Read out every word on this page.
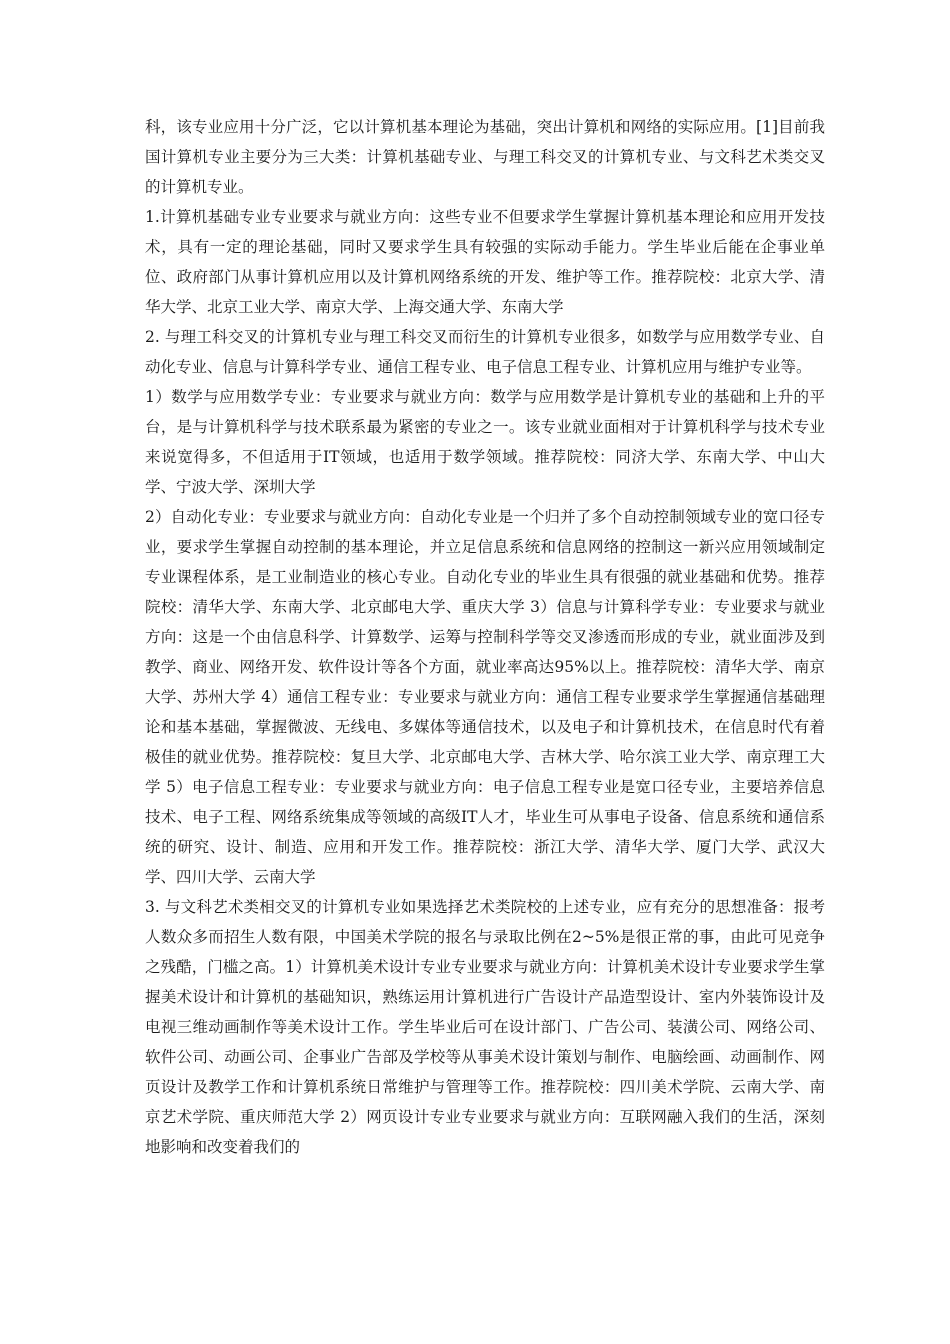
科，该专业应用十分广泛，它以计算机基本理论为基础，突出计算机和网络的实际应用。[1]目前我国计算机专业主要分为三大类：计算机基础专业、与理工科交叉的计算机专业、与文科艺术类交叉的计算机专业。

1.计算机基础专业专业要求与就业方向：这些专业不但要求学生掌握计算机基本理论和应用开发技术，具有一定的理论基础，同时又要求学生具有较强的实际动手能力。学生毕业后能在企事业单位、政府部门从事计算机应用以及计算机网络系统的开发、维护等工作。推荐院校：北京大学、清华大学、北京工业大学、南京大学、上海交通大学、东南大学

2. 与理工科交叉的计算机专业与理工科交叉而衍生的计算机专业很多，如数学与应用数学专业、自动化专业、信息与计算科学专业、通信工程专业、电子信息工程专业、计算机应用与维护专业等。

1）数学与应用数学专业：专业要求与就业方向：数学与应用数学是计算机专业的基础和上升的平台，是与计算机科学与技术联系最为紧密的专业之一。该专业就业面相对于计算机科学与技术专业来说宽得多，不但适用于IT领域，也适用于数学领域。推荐院校：同济大学、东南大学、中山大学、宁波大学、深圳大学

2）自动化专业：专业要求与就业方向：自动化专业是一个归并了多个自动控制领域专业的宽口径专业，要求学生掌握自动控制的基本理论，并立足信息系统和信息网络的控制这一新兴应用领域制定专业课程体系，是工业制造业的核心专业。自动化专业的毕业生具有很强的就业基础和优势。推荐院校：清华大学、东南大学、北京邮电大学、重庆大学 3）信息与计算科学专业：专业要求与就业方向：这是一个由信息科学、计算数学、运筹与控制科学等交叉渗透而形成的专业，就业面涉及到教学、商业、网络开发、软件设计等各个方面，就业率高达95%以上。推荐院校：清华大学、南京大学、苏州大学 4）通信工程专业：专业要求与就业方向：通信工程专业要求学生掌握通信基础理论和基本基础，掌握微波、无线电、多媒体等通信技术，以及电子和计算机技术，在信息时代有着极佳的就业优势。推荐院校：复旦大学、北京邮电大学、吉林大学、哈尔滨工业大学、南京理工大学 5）电子信息工程专业：专业要求与就业方向：电子信息工程专业是宽口径专业，主要培养信息技术、电子工程、网络系统集成等领域的高级IT人才，毕业生可从事电子设备、信息系统和通信系统的研究、设计、制造、应用和开发工作。推荐院校：浙江大学、清华大学、厦门大学、武汉大学、四川大学、云南大学

3. 与文科艺术类相交叉的计算机专业如果选择艺术类院校的上述专业，应有充分的思想准备：报考人数众多而招生人数有限，中国美术学院的报名与录取比例在2~5%是很正常的事，由此可见竞争之残酷，门槛之高。1）计算机美术设计专业专业要求与就业方向：计算机美术设计专业要求学生掌握美术设计和计算机的基础知识，熟练运用计算机进行广告设计产品造型设计、室内外装饰设计及电视三维动画制作等美术设计工作。学生毕业后可在设计部门、广告公司、装潢公司、网络公司、软件公司、动画公司、企事业广告部及学校等从事美术设计策划与制作、电脑绘画、动画制作、网页设计及教学工作和计算机系统日常维护与管理等工作。推荐院校：四川美术学院、云南大学、南京艺术学院、重庆师范大学 2）网页设计专业专业要求与就业方向：互联网融入我们的生活，深刻地影响和改变着我们的
